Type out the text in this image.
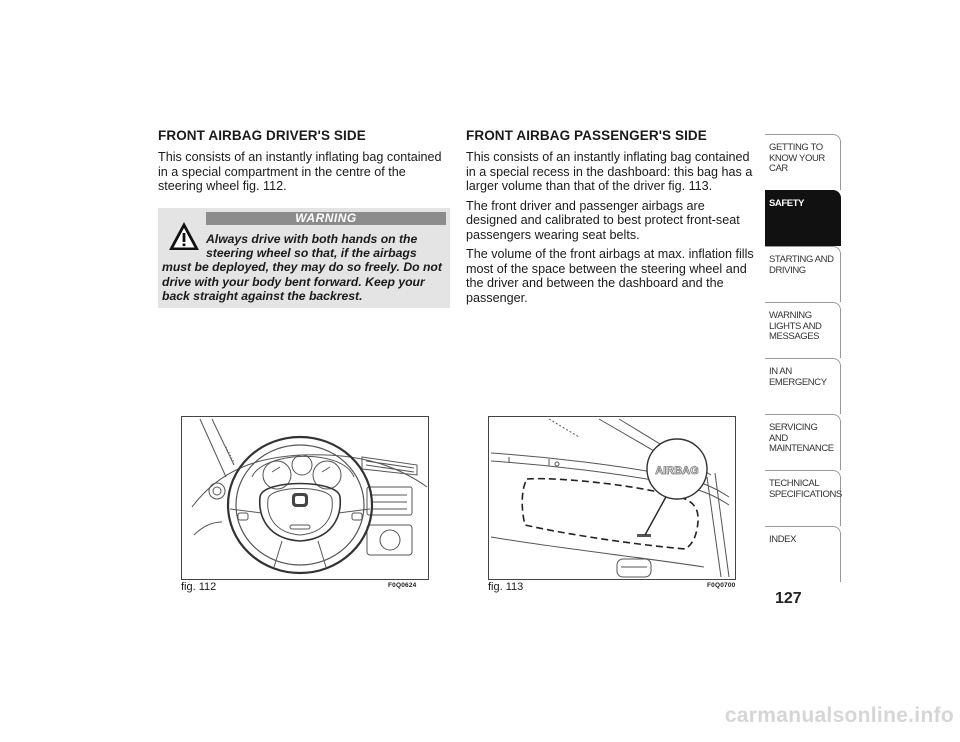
FRONT AIRBAG DRIVER'S SIDE

This consists of an instantly inflating bag contained in a special compartment in the centre of the steering wheel fig. 112.

WARNING
Always drive with both hands on the
steering wheel so that, if the airbags
must be deployed, they may do so freely. Do not drive with your body bent forward. Keep your back straight against the backrest.
FRONT AIRBAG PASSENGER'S SIDE

This consists of an instantly inflating bag contained in a special recess in the dashboard: this bag has a larger volume than that of the driver fig. 113.

The front driver and passenger airbags are designed and calibrated to best protect front-seat passengers wearing seat belts.

The volume of the front airbags at max. inflation fills most of the space between the steering wheel and the driver and between the dashboard and the passenger.

fig. 112	F0Q0624
AIRBAG
fig. 113	F0Q0700
GETTING TO KNOW YOUR CAR
SAFETY
STARTING AND DRIVING
WARNING LIGHTS AND MESSAGES
IN AN EMERGENCY
SERVICING AND MAINTENANCE
TECHNICAL SPECIFICATIONS
INDEX
127
carmanualsonline.info
